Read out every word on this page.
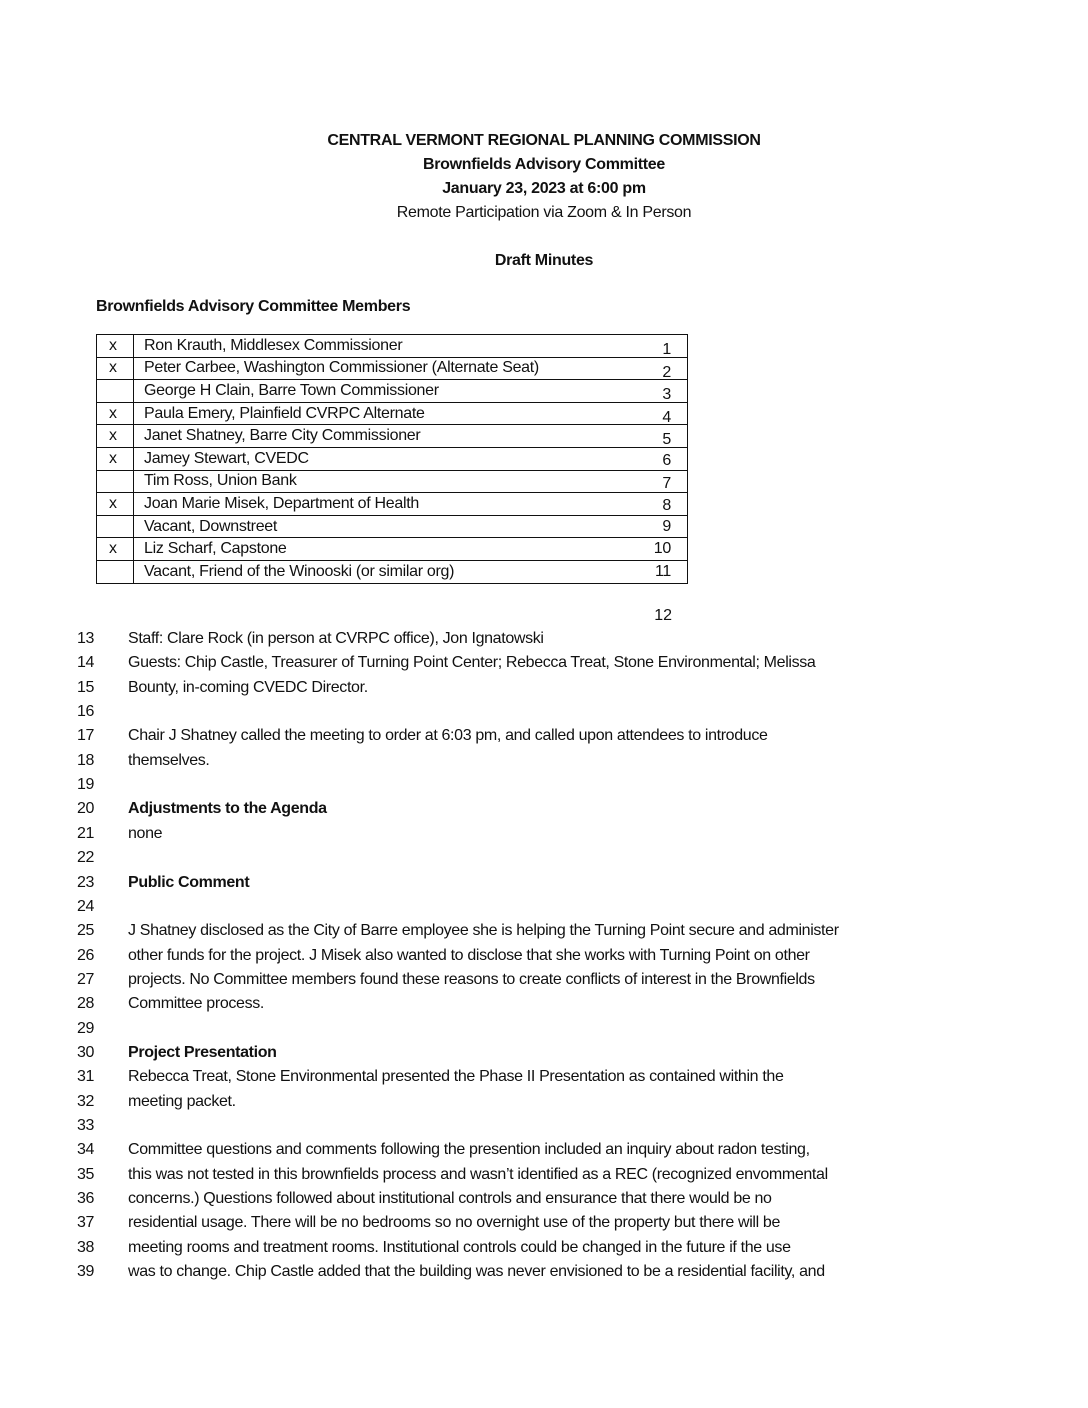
CENTRAL VERMONT REGIONAL PLANNING COMMISSION
Brownfields Advisory Committee
January 23, 2023 at 6:00 pm
Remote Participation via Zoom & In Person
Draft Minutes
Brownfields Advisory Committee Members
x	Ron Krauth, Middlesex Commissioner 1

x	Peter Carbee, Washington Commissioner (Alternate Seat) 2

	George H Clain, Barre Town Commissioner 3

x	Paula Emery, Plainfield CVRPC Alternate 4

x	Janet Shatney, Barre City Commissioner 5

x	Jamey Stewart, CVEDC 6

	Tim Ross, Union Bank 7

x	Joan Marie Misek, Department of Health 8

	Vacant, Downstreet 9

x	Liz Scharf, Capstone 10

	Vacant, Friend of the Winooski (or similar org) 11
12
13	Staff: Clare Rock (in person at CVRPC office), Jon Ignatowski
14	Guests: Chip Castle, Treasurer of Turning Point Center; Rebecca Treat, Stone Environmental; Melissa
15	Bounty, in-coming CVEDC Director.
16
17	Chair J Shatney called the meeting to order at 6:03 pm, and called upon attendees to introduce
18	themselves.
19
20	Adjustments to the Agenda
21	none
22
23	Public Comment
24
25	J Shatney disclosed as the City of Barre employee she is helping the Turning Point secure and administer
26	other funds for the project. J Misek also wanted to disclose that she works with Turning Point on other
27	projects. No Committee members found these reasons to create conflicts of interest in the Brownfields
28	Committee process.
29
30	Project Presentation
31	Rebecca Treat, Stone Environmental presented the Phase II Presentation as contained within the
32	meeting packet.
33
34	Committee questions and comments following the presention included an inquiry about radon testing,
35	this was not tested in this brownfields process and wasn’t identified as a REC (recognized envommental
36	concerns.) Questions followed about institutional controls and ensurance that there would be no
37	residential usage. There will be no bedrooms so no overnight use of the property but there will be
38	meeting rooms and treatment rooms. Institutional controls could be changed in the future if the use
39	was to change. Chip Castle added that the building was never envisioned to be a residential facility, and
